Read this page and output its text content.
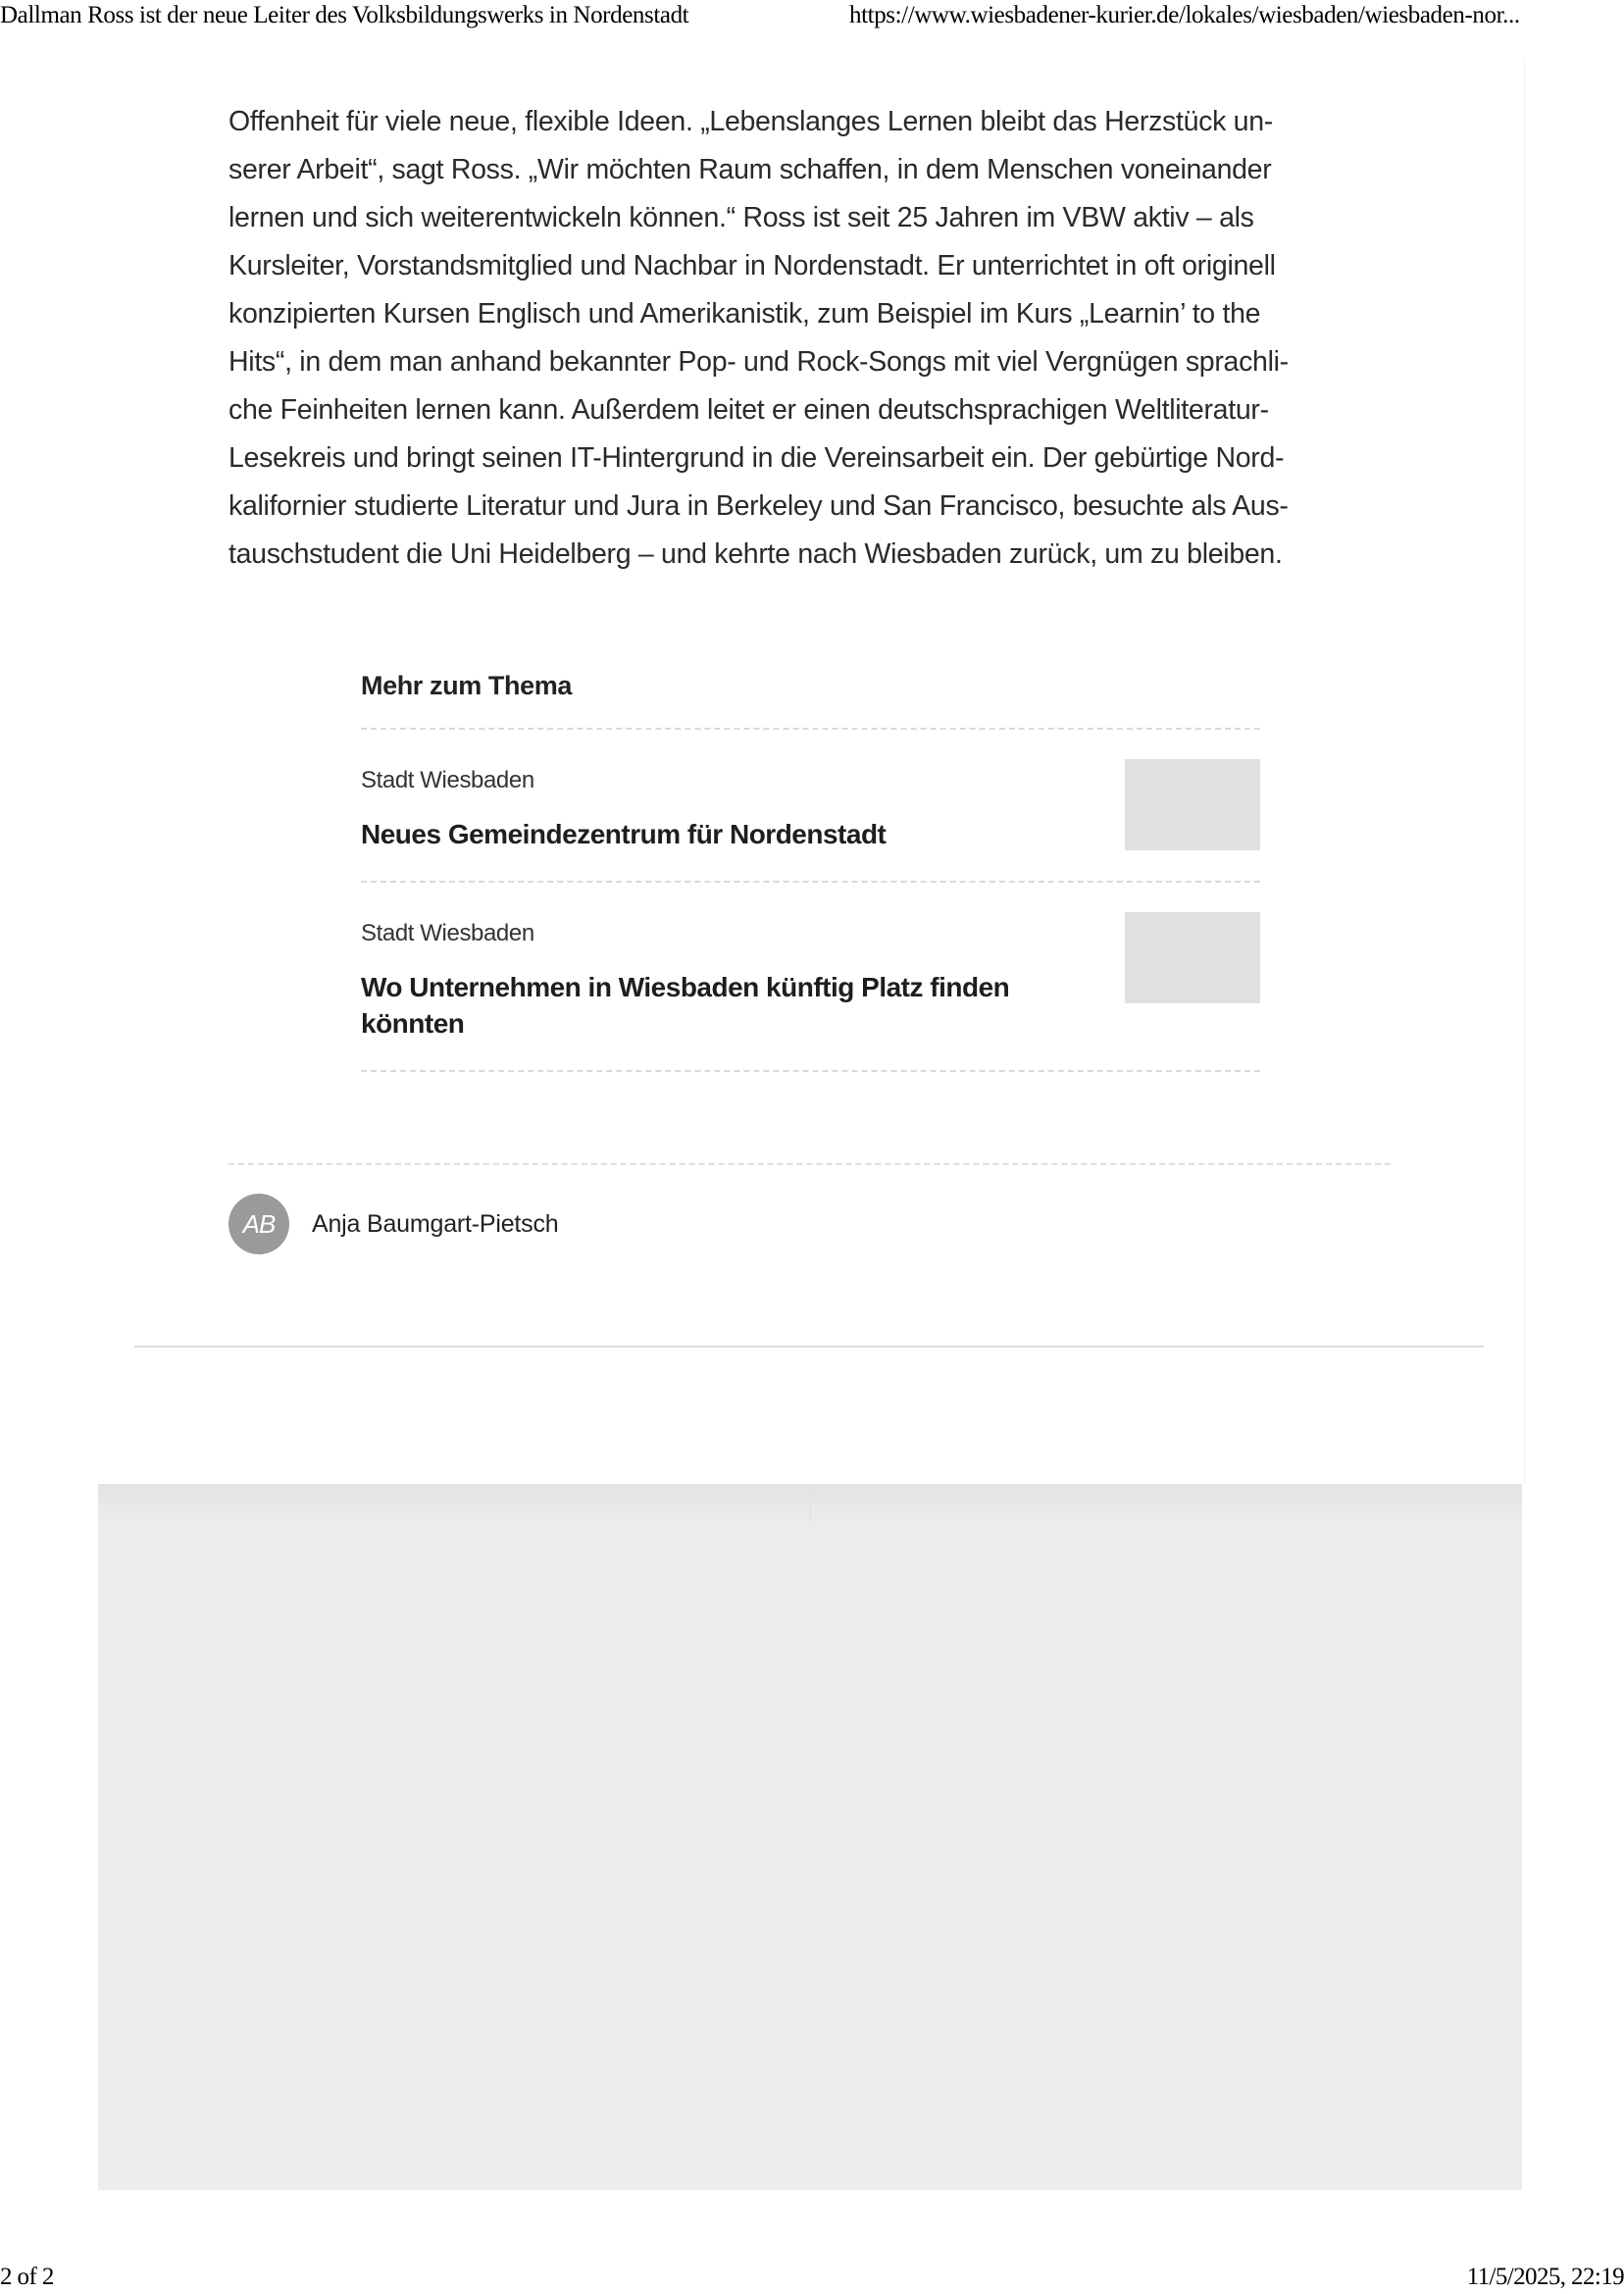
Dallman Ross ist der neue Leiter des Volksbildungswerks in Nordenstadt	https://www.wiesbadener-kurier.de/lokales/wiesbaden/wiesbaden-nor...
Offenheit für viele neue, flexible Ideen. „Lebenslanges Lernen bleibt das Herzstück un-
serer Arbeit“, sagt Ross. „Wir möchten Raum schaffen, in dem Menschen voneinander
lernen und sich weiterentwickeln können.“ Ross ist seit 25 Jahren im VBW aktiv – als
Kursleiter, Vorstandsmitglied und Nachbar in Nordenstadt. Er unterrichtet in oft originell
konzipierten Kursen Englisch und Amerikanistik, zum Beispiel im Kurs „Learnin’ to the
Hits“, in dem man anhand bekannter Pop- und Rock-Songs mit viel Vergnügen sprachli-
che Feinheiten lernen kann. Außerdem leitet er einen deutschsprachigen Weltliteratur-
Lesekreis und bringt seinen IT-Hintergrund in die Vereinsarbeit ein. Der gebürtige Nord-
kalifornier studierte Literatur und Jura in Berkeley und San Francisco, besuchte als Aus-
tauschstudent die Uni Heidelberg – und kehrte nach Wiesbaden zurück, um zu bleiben.
Mehr zum Thema
Stadt Wiesbaden
Neues Gemeindezentrum für Nordenstadt
Stadt Wiesbaden
Wo Unternehmen in Wiesbaden künftig Platz finden könnten
AB Anja Baumgart-Pietsch
2 of 2	11/5/2025, 22:19
